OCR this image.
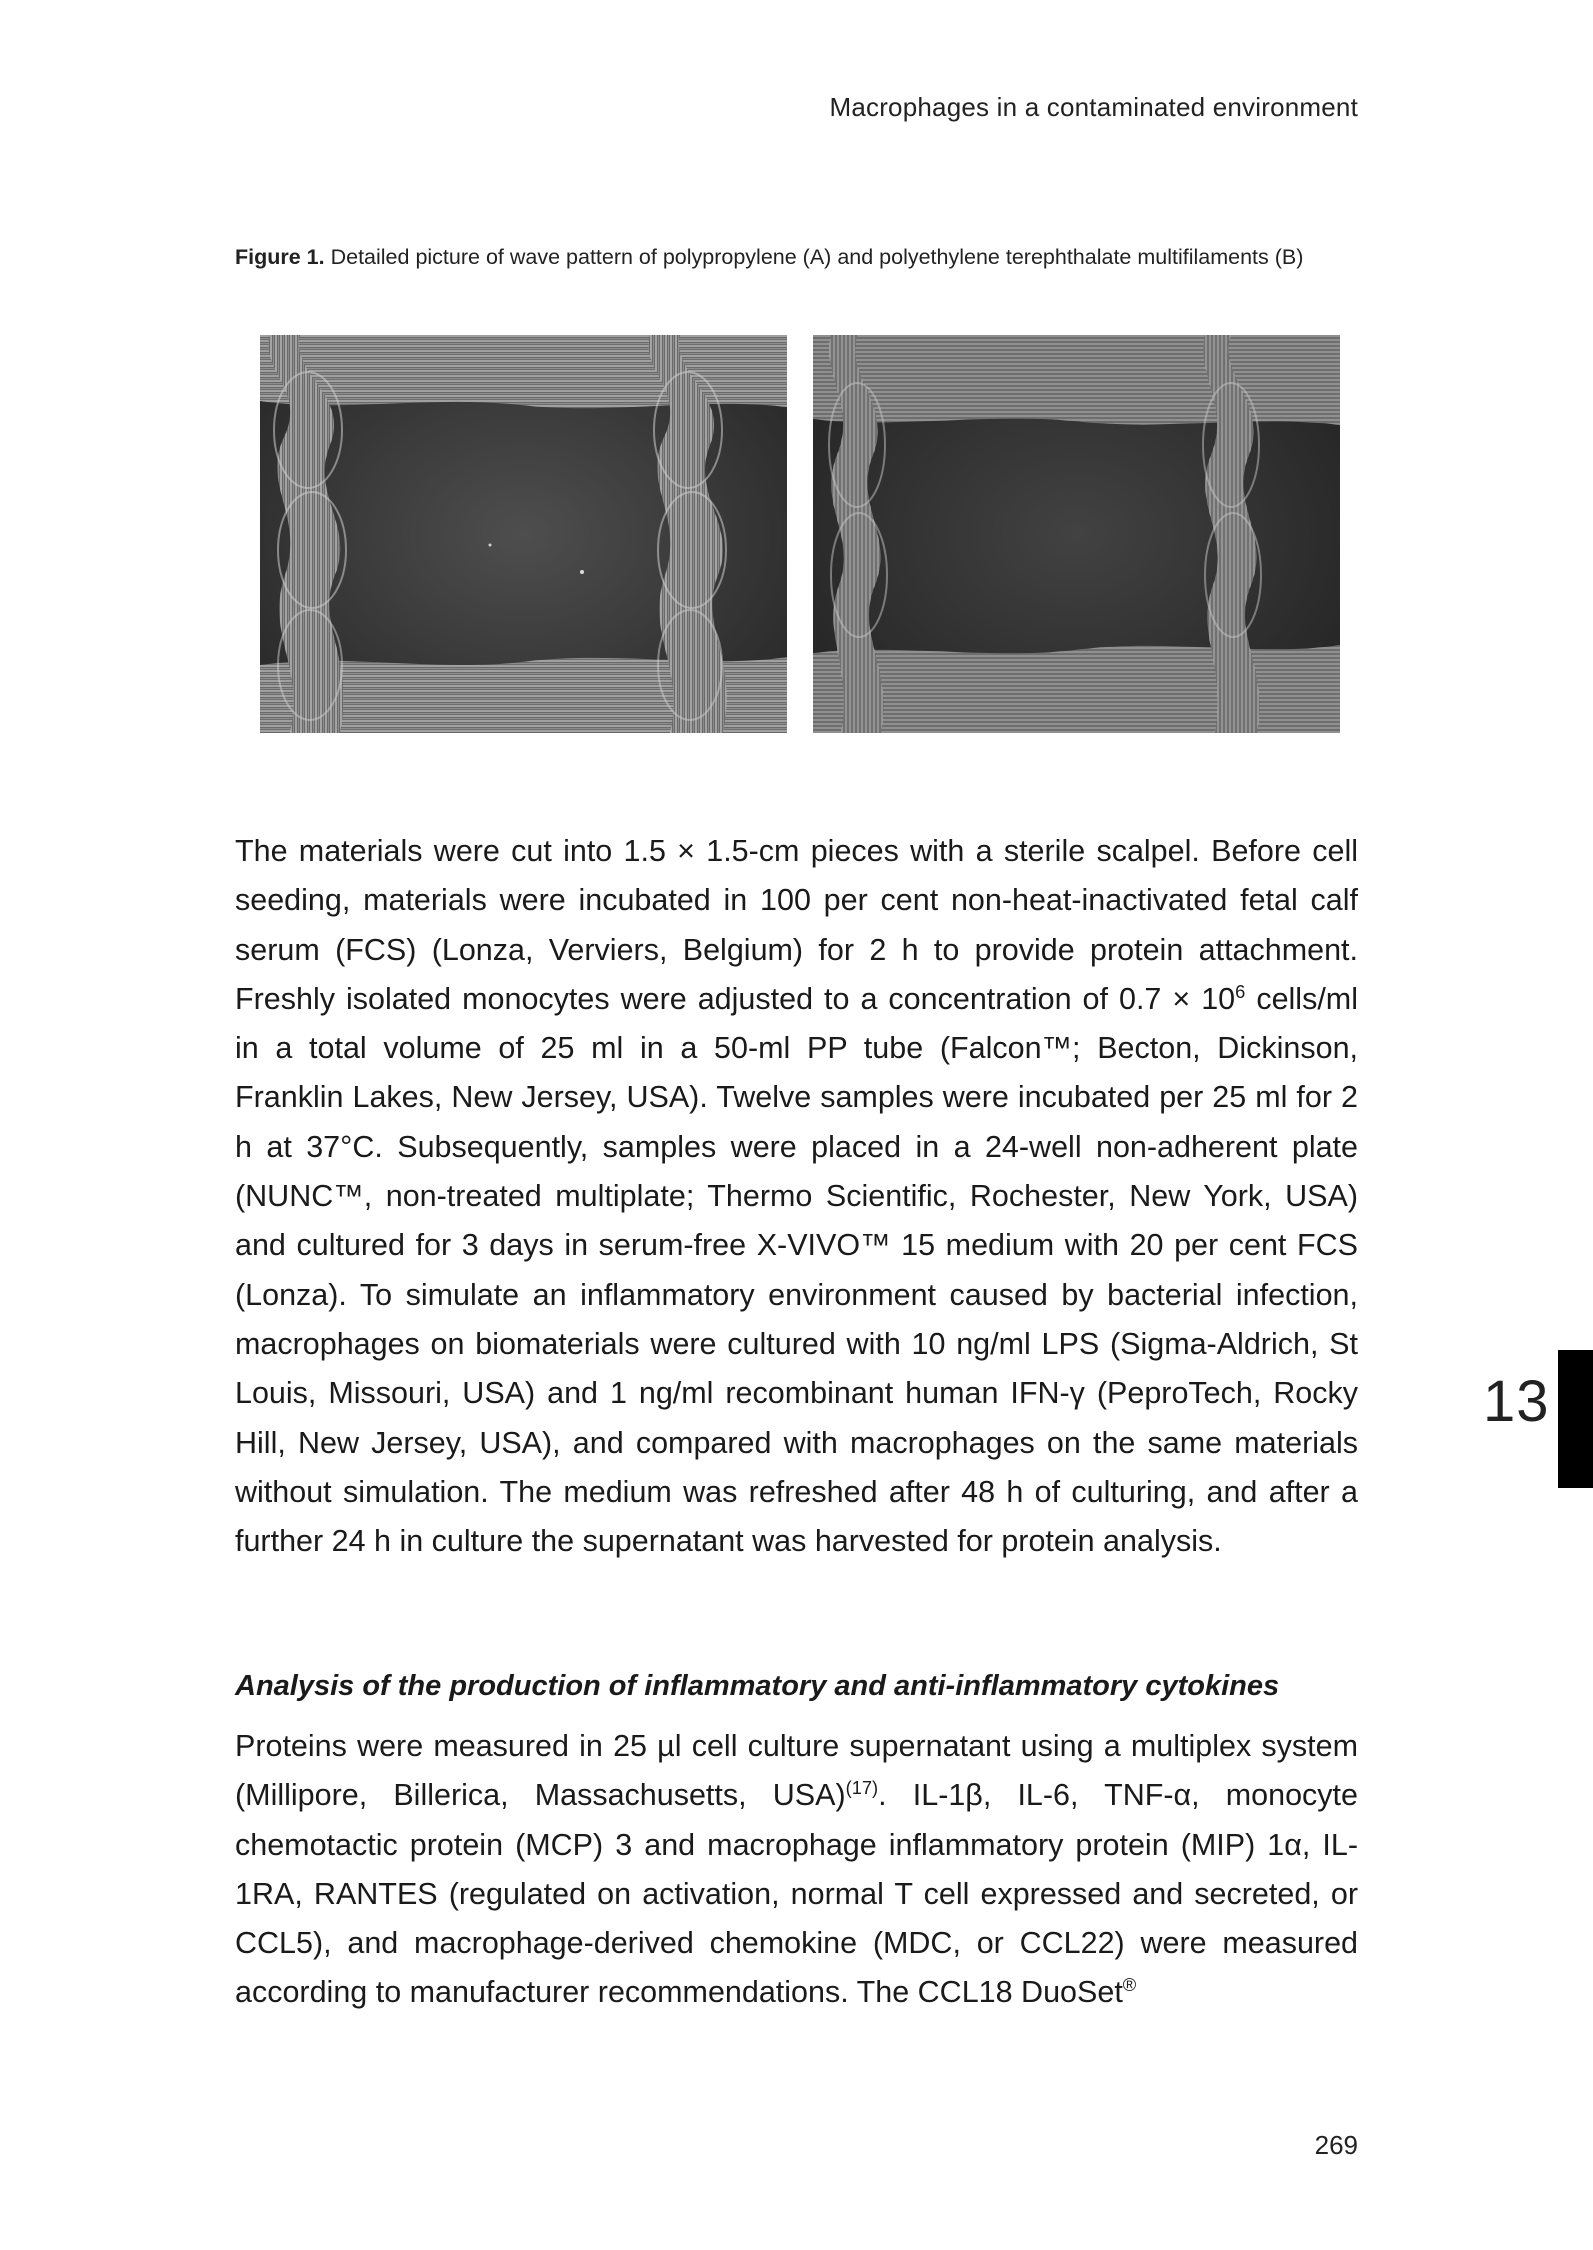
Macrophages in a contaminated environment
Figure 1. Detailed picture of wave pattern of polypropylene (A) and polyethylene terephthalate multifilaments (B)
The materials were cut into 1.5 × 1.5-cm pieces with a sterile scalpel. Before cell seeding, materials were incubated in 100 per cent non-heat-inactivated fetal calf serum (FCS) (Lonza, Verviers, Belgium) for 2 h to provide protein attachment. Freshly isolated monocytes were adjusted to a concentration of $0.7 \times 10^6$ cells/ml in a total volume of 25 ml in a 50-ml PP tube (Falcon™; Becton, Dickinson, Franklin Lakes, New Jersey, USA). Twelve samples were incubated per 25 ml for 2 h at 37°C. Subsequently, samples were placed in a 24-well non-adherent plate (NUNC™, non-treated multiplate; Thermo Scientific, Rochester, New York, USA) and cultured for 3 days in serum-free X-VIVO™ 15 medium with 20 per cent FCS (Lonza). To simulate an inflammatory environment caused by bacterial infection, macrophages on biomaterials were cultured with 10 ng/ml LPS (Sigma-Aldrich, St Louis, Missouri, USA) and 1 ng/ml recombinant human IFN-γ (PeproTech, Rocky Hill, New Jersey, USA), and compared with macrophages on the same materials without simulation. The medium was refreshed after 48 h of culturing, and after a further 24 h in culture the supernatant was harvested for protein analysis.
Analysis of the production of inflammatory and anti-inflammatory cytokines
Proteins were measured in 25 µl cell culture supernatant using a multiplex system (Millipore, Billerica, Massachusetts, USA)$^{(17)}$. IL-1β, IL-6, TNF-α, monocyte chemotactic protein (MCP) 3 and macrophage inflammatory protein (MIP) 1α, IL-1RA, RANTES (regulated on activation, normal T cell expressed and secreted, or CCL5), and macrophage-derived chemokine (MDC, or CCL22) were measured according to manufacturer recommendations. The CCL18 DuoSet®
13
269
